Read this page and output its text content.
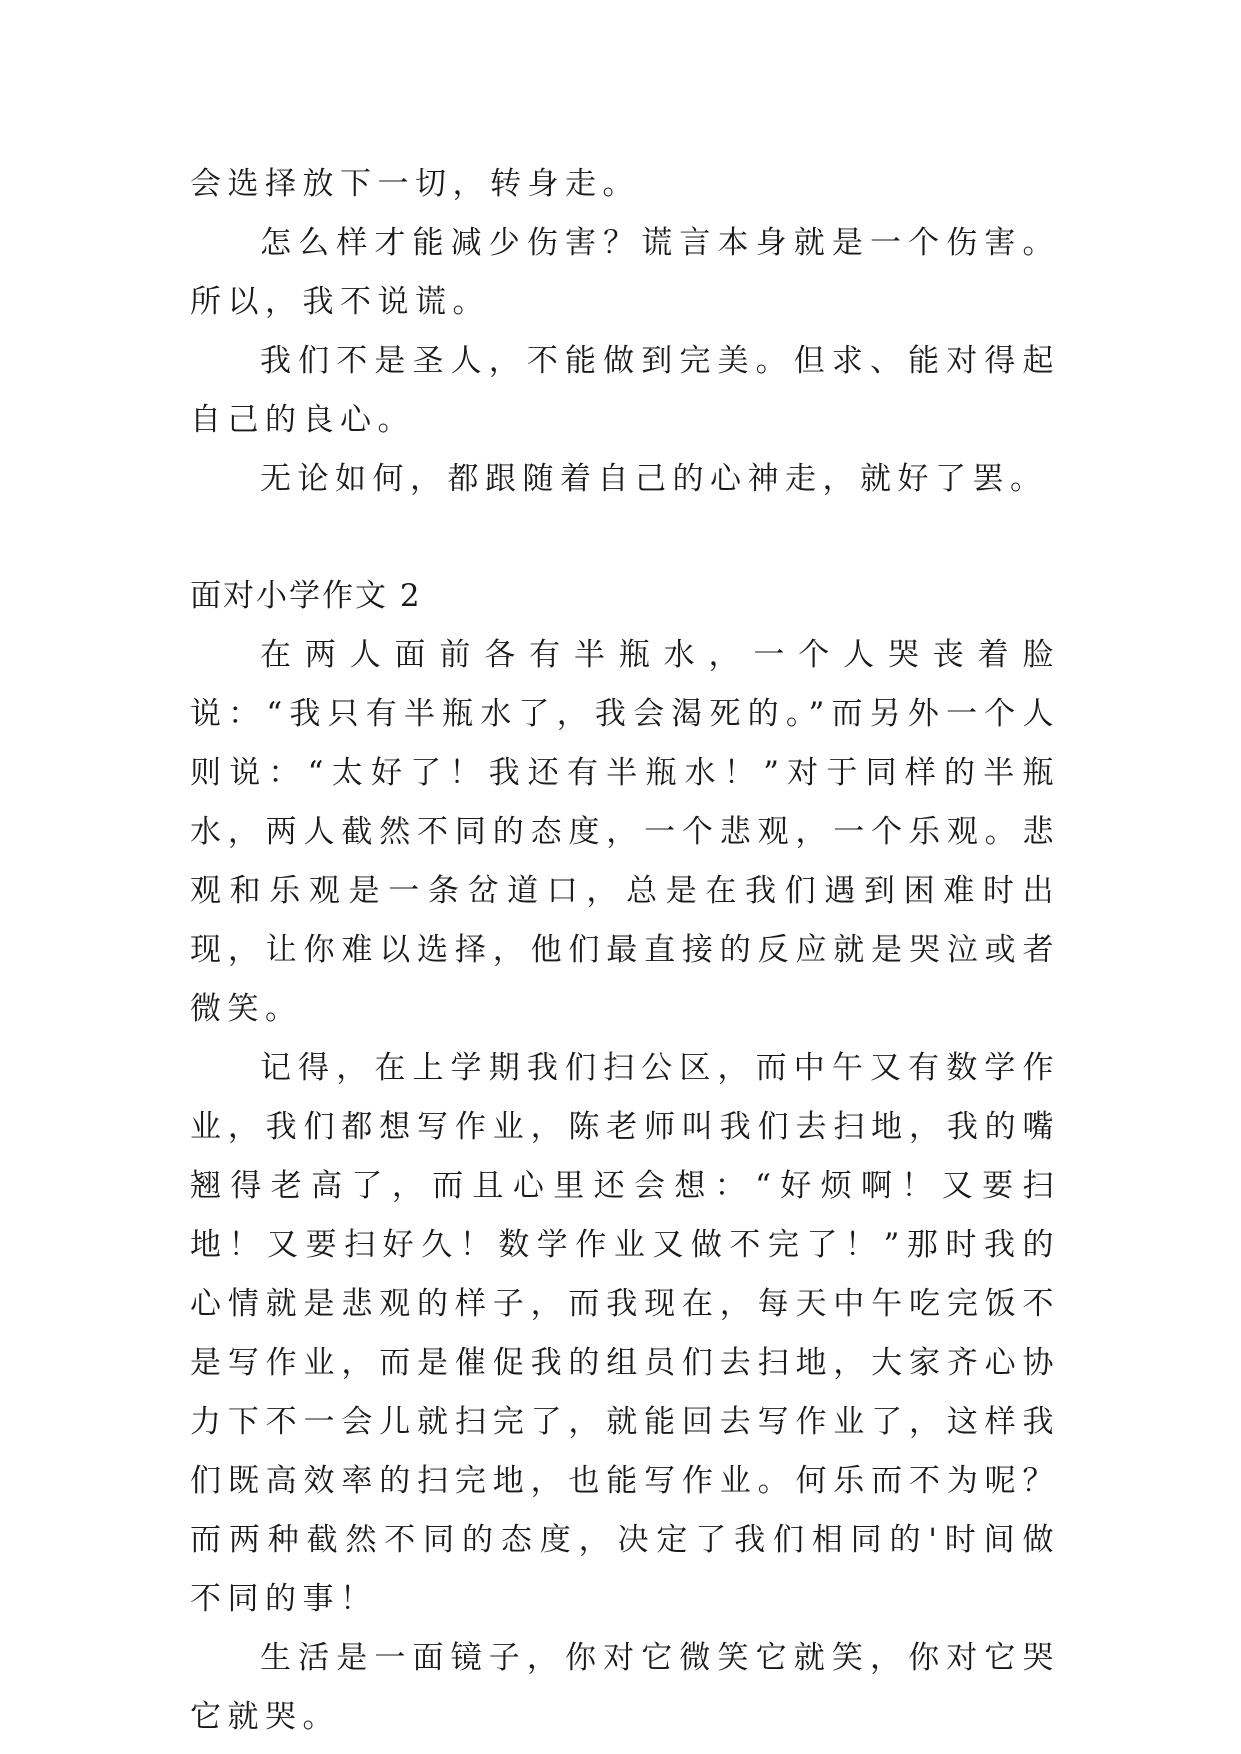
会选择放下一切，转身走。

怎么样才能减少伤害？谎言本身就是一个伤害。所以，我不说谎。

我们不是圣人，不能做到完美。但求、能对得起自己的良心。

无论如何，都跟随着自己的心神走，就好了罢。

面对小学作文 2

在两人面前各有半瓶水，一个人哭丧着脸说：“我只有半瓶水了，我会渴死的。”而另外一个人则说：“太好了！我还有半瓶水！”对于同样的半瓶水，两人截然不同的态度，一个悲观，一个乐观。悲观和乐观是一条岔道口，总是在我们遇到困难时出现，让你难以选择，他们最直接的反应就是哭泣或者微笑。

记得，在上学期我们扫公区，而中午又有数学作业，我们都想写作业，陈老师叫我们去扫地，我的嘴翘得老高了，而且心里还会想：“好烦啊！又要扫地！又要扫好久！数学作业又做不完了！”那时我的心情就是悲观的样子，而我现在，每天中午吃完饭不是写作业，而是催促我的组员们去扫地，大家齐心协力下不一会儿就扫完了，就能回去写作业了，这样我们既高效率的扫完地，也能写作业。何乐而不为呢？而两种截然不同的态度，决定了我们相同的'时间做不同的事！

生活是一面镜子，你对它微笑它就笑，你对它哭它就哭。
